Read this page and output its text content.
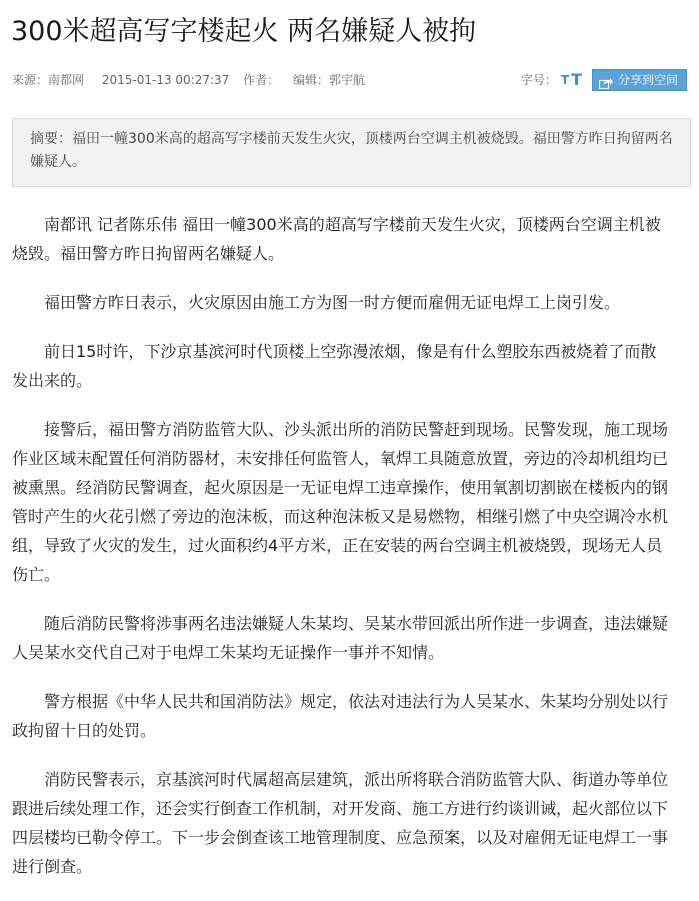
300米超高写字楼起火 两名嫌疑人被拘
来源：南都网 2015-01-13 00:27:37 作者： 编辑：郭宇航	字号： T T	分享到空间
摘要：福田一幢300米高的超高写字楼前天发生火灾，顶楼两台空调主机被烧毁。福田警方昨日拘留两名嫌疑人。

南都讯 记者陈乐伟 福田一幢300米高的超高写字楼前天发生火灾，顶楼两台空调主机被烧毁。福田警方昨日拘留两名嫌疑人。

福田警方昨日表示，火灾原因由施工方为图一时方便而雇佣无证电焊工上岗引发。

前日15时许，下沙京基滨河时代顶楼上空弥漫浓烟，像是有什么塑胶东西被烧着了而散发出来的。

接警后，福田警方消防监管大队、沙头派出所的消防民警赶到现场。民警发现，施工现场作业区域未配置任何消防器材，未安排任何监管人，氧焊工具随意放置，旁边的冷却机组均已被熏黑。经消防民警调查，起火原因是一无证电焊工违章操作，使用氧割切割嵌在楼板内的钢管时产生的火花引燃了旁边的泡沫板，而这种泡沫板又是易燃物，相继引燃了中央空调冷水机组，导致了火灾的发生，过火面积约4平方米，正在安装的两台空调主机被烧毁，现场无人员伤亡。

随后消防民警将涉事两名违法嫌疑人朱某均、吴某水带回派出所作进一步调查，违法嫌疑人吴某水交代自己对于电焊工朱某均无证操作一事并不知情。

警方根据《中华人民共和国消防法》规定，依法对违法行为人吴某水、朱某均分别处以行政拘留十日的处罚。

消防民警表示，京基滨河时代属超高层建筑，派出所将联合消防监管大队、街道办等单位跟进后续处理工作，还会实行倒查工作机制，对开发商、施工方进行约谈训诫，起火部位以下四层楼均已勒令停工。下一步会倒查该工地管理制度、应急预案，以及对雇佣无证电焊工一事进行倒查。
